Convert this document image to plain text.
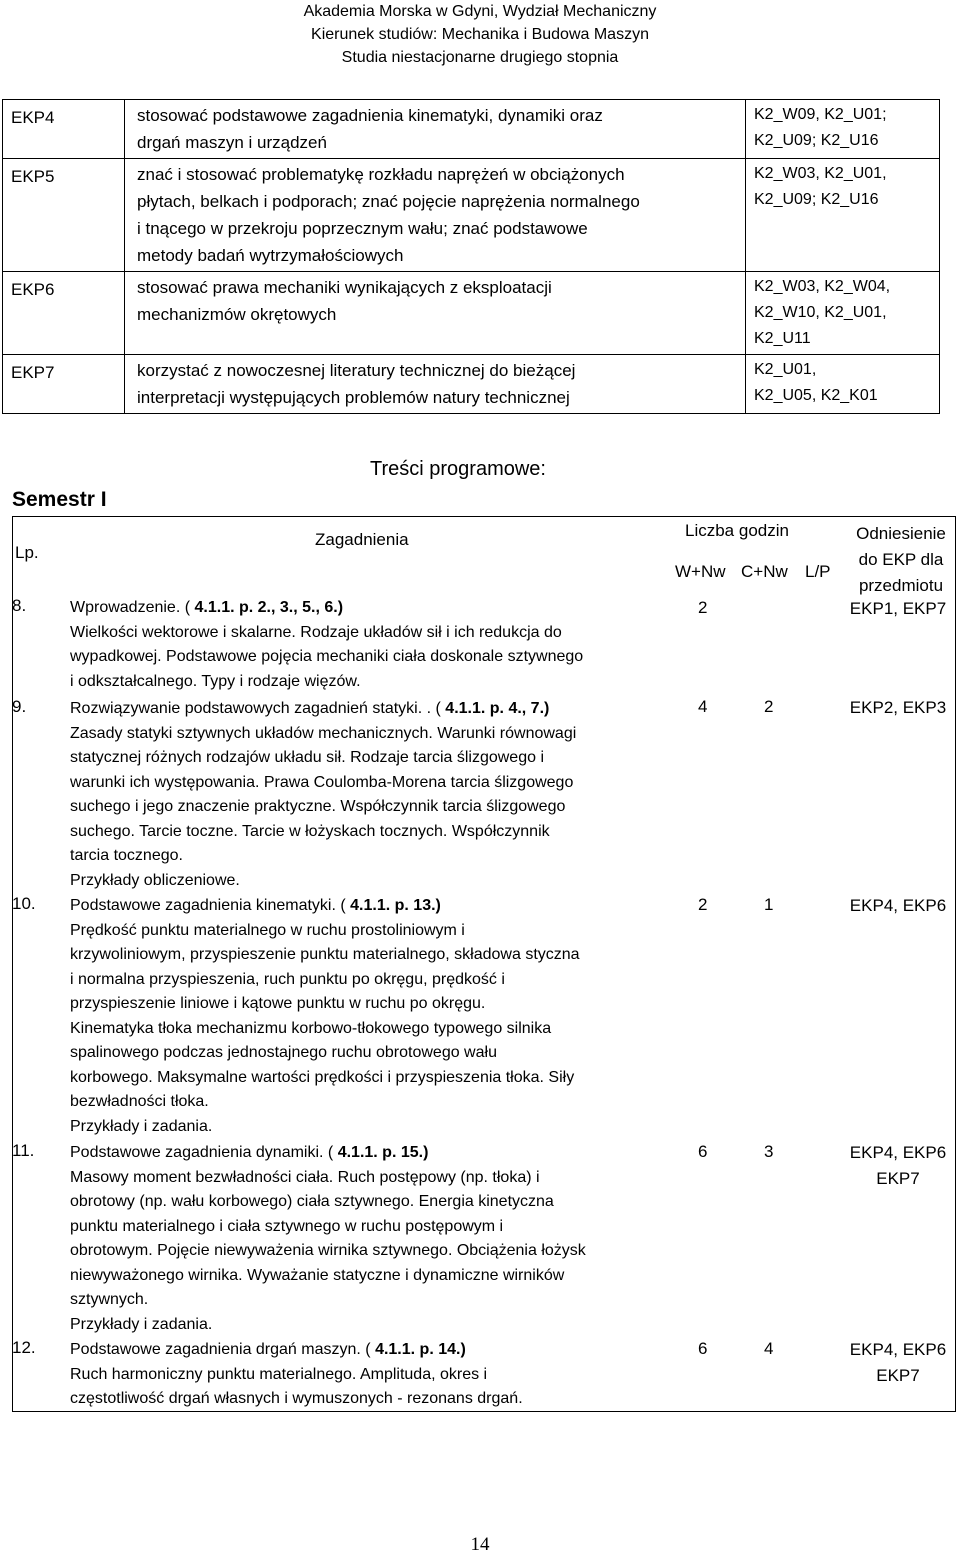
Akademia Morska w Gdyni, Wydział Mechaniczny
Kierunek studiów: Mechanika i Budowa Maszyn
Studia niestacjonarne drugiego stopnia
EKP4	stosować podstawowe zagadnienia kinematyki, dynamiki oraz
drgań maszyn i urządzeń	K2_W09, K2_U01;
K2_U09; K2_U16

EKP5	znać i stosować problematykę rozkładu naprężeń w obciążonych
płytach, belkach i podporach; znać pojęcie naprężenia normalnego
i tnącego w przekroju poprzecznym wału; znać podstawowe
metody badań wytrzymałościowych	K2_W03, K2_U01,
K2_U09; K2_U16

EKP6	stosować prawa mechaniki wynikających z eksploatacji
mechanizmów okrętowych	K2_W03, K2_W04,
K2_W10, K2_U01,
K2_U11

EKP7	korzystać z nowoczesnej literatury technicznej do bieżącej
interpretacji występujących problemów natury technicznej	K2_U01,
K2_U05, K2_K01
Treści programowe:
Semestr I
Lp.
Zagadnienia	Liczba godzin
W+Nw C+Nw L/P
Odniesienie
do EKP dla
przedmiotu
8.	Wprowadzenie. ( 4.1.1. p. 2., 3., 5., 6.)
Wielkości wektorowe i skalarne. Rodzaje układów sił i ich redukcja do
wypadkowej. Podstawowe pojęcia mechaniki ciała doskonale sztywnego
i odkształcalnego. Typy i rodzaje więzów.
2	EKP1, EKP7
9.	Rozwiązywanie podstawowych zagadnień statyki. . ( 4.1.1. p. 4., 7.)
Zasady statyki sztywnych układów mechanicznych. Warunki równowagi
statycznej różnych rodzajów układu sił. Rodzaje tarcia ślizgowego i
warunki ich występowania. Prawa Coulomba-Morena tarcia ślizgowego
suchego i jego znaczenie praktyczne. Współczynnik tarcia ślizgowego
suchego. Tarcie toczne. Tarcie w łożyskach tocznych. Współczynnik
tarcia tocznego.
Przykłady obliczeniowe.
4	2	EKP2, EKP3
10. Podstawowe zagadnienia kinematyki. ( 4.1.1. p. 13.)
Prędkość punktu materialnego w ruchu prostoliniowym i
krzywoliniowym, przyspieszenie punktu materialnego, składowa styczna
i normalna przyspieszenia, ruch punktu po okręgu, prędkość i
przyspieszenie liniowe i kątowe punktu w ruchu po okręgu.
Kinematyka tłoka mechanizmu korbowo-tłokowego typowego silnika
spalinowego podczas jednostajnego ruchu obrotowego wału
korbowego. Maksymalne wartości prędkości i przyspieszenia tłoka. Siły
bezwładności tłoka.
Przykłady i zadania.
2	1	EKP4, EKP6
11. Podstawowe zagadnienia dynamiki. ( 4.1.1. p. 15.)
Masowy moment bezwładności ciała. Ruch postępowy (np. tłoka) i
obrotowy (np. wału korbowego) ciała sztywnego. Energia kinetyczna
punktu materialnego i ciała sztywnego w ruchu postępowym i
obrotowym. Pojęcie niewyważenia wirnika sztywnego. Obciążenia łożysk
niewyważonego wirnika. Wyważanie statyczne i dynamiczne wirników
sztywnych.
Przykłady i zadania.
6	3	EKP4, EKP6
EKP7
12. Podstawowe zagadnienia drgań maszyn. ( 4.1.1. p. 14.)
Ruch harmoniczny punktu materialnego. Amplituda, okres i
częstotliwość drgań własnych i wymuszonych - rezonans drgań.
6	4	EKP4, EKP6
EKP7
14
